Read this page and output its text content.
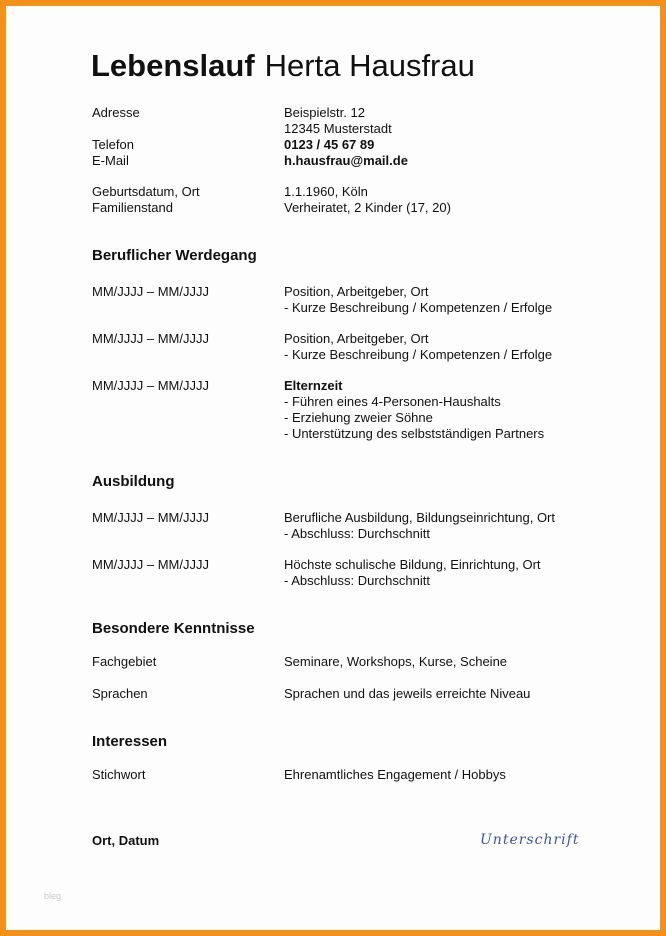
Lebenslauf Herta Hausfrau
Adresse	Beispielstr. 12
12345 Musterstadt
Telefon	0123 / 45 67 89
E-Mail	h.hausfrau@mail.de
Geburtsdatum, Ort	1.1.1960, Köln
Familienstand	Verheiratet, 2 Kinder (17, 20)
Beruflicher Werdegang
MM/JJJJ – MM/JJJJ	Position, Arbeitgeber, Ort
- Kurze Beschreibung / Kompetenzen / Erfolge
MM/JJJJ – MM/JJJJ	Position, Arbeitgeber, Ort
- Kurze Beschreibung / Kompetenzen / Erfolge
MM/JJJJ – MM/JJJJ	Elternzeit
- Führen eines 4-Personen-Haushalts
- Erziehung zweier Söhne
- Unterstützung des selbstständigen Partners
Ausbildung
MM/JJJJ – MM/JJJJ	Berufliche Ausbildung, Bildungseinrichtung, Ort
- Abschluss: Durchschnitt
MM/JJJJ – MM/JJJJ	Höchste schulische Bildung, Einrichtung, Ort
- Abschluss: Durchschnitt
Besondere Kenntnisse
Fachgebiet	Seminare, Workshops, Kurse, Scheine
Sprachen	Sprachen und das jeweils erreichte Niveau
Interessen
Stichwort	Ehrenamtliches Engagement / Hobbys
Ort, Datum	Unterschrift
bleg
